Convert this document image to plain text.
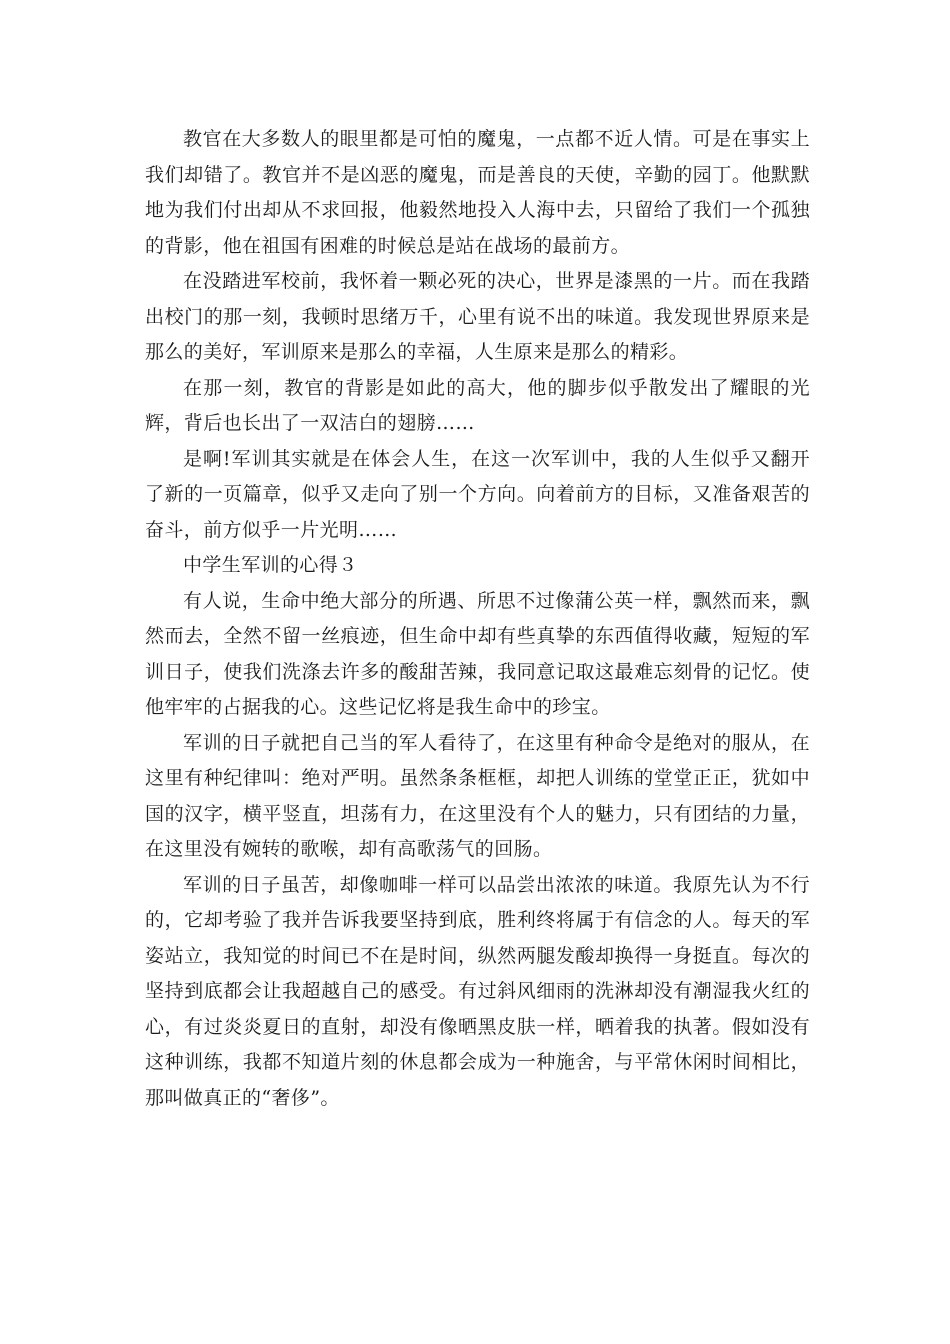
教官在大多数人的眼里都是可怕的魔鬼，一点都不近人情。可是在事实上我们却错了。教官并不是凶恶的魔鬼，而是善良的天使，辛勤的园丁。他默默地为我们付出却从不求回报，他毅然地投入人海中去，只留给了我们一个孤独的背影，他在祖国有困难的时候总是站在战场的最前方。

在没踏进军校前，我怀着一颗必死的决心，世界是漆黑的一片。而在我踏出校门的那一刻，我顿时思绪万千，心里有说不出的味道。我发现世界原来是那么的美好，军训原来是那么的幸福，人生原来是那么的精彩。

在那一刻，教官的背影是如此的高大，他的脚步似乎散发出了耀眼的光辉，背后也长出了一双洁白的翅膀……

是啊!军训其实就是在体会人生，在这一次军训中，我的人生似乎又翻开了新的一页篇章，似乎又走向了别一个方向。向着前方的目标，又准备艰苦的奋斗，前方似乎一片光明……

中学生军训的心得３

有人说，生命中绝大部分的所遇、所思不过像蒲公英一样，飘然而来，飘然而去，全然不留一丝痕迹，但生命中却有些真挚的东西值得收藏，短短的军训日子，使我们洗涤去许多的酸甜苦辣，我同意记取这最难忘刻骨的记忆。使他牢牢的占据我的心。这些记忆将是我生命中的珍宝。

军训的日子就把自己当的军人看待了，在这里有种命令是绝对的服从，在这里有种纪律叫：绝对严明。虽然条条框框，却把人训练的堂堂正正，犹如中国的汉字，横平竖直，坦荡有力，在这里没有个人的魅力，只有团结的力量，在这里没有婉转的歌喉，却有高歌荡气的回肠。

军训的日子虽苦，却像咖啡一样可以品尝出浓浓的味道。我原先认为不行的，它却考验了我并告诉我要坚持到底，胜利终将属于有信念的人。每天的军姿站立，我知觉的时间已不在是时间，纵然两腿发酸却换得一身挺直。每次的坚持到底都会让我超越自己的感受。有过斜风细雨的洗淋却没有潮湿我火红的心，有过炎炎夏日的直射，却没有像晒黑皮肤一样，晒着我的执著。假如没有这种训练，我都不知道片刻的休息都会成为一种施舍，与平常休闲时间相比，那叫做真正的“奢侈”。
